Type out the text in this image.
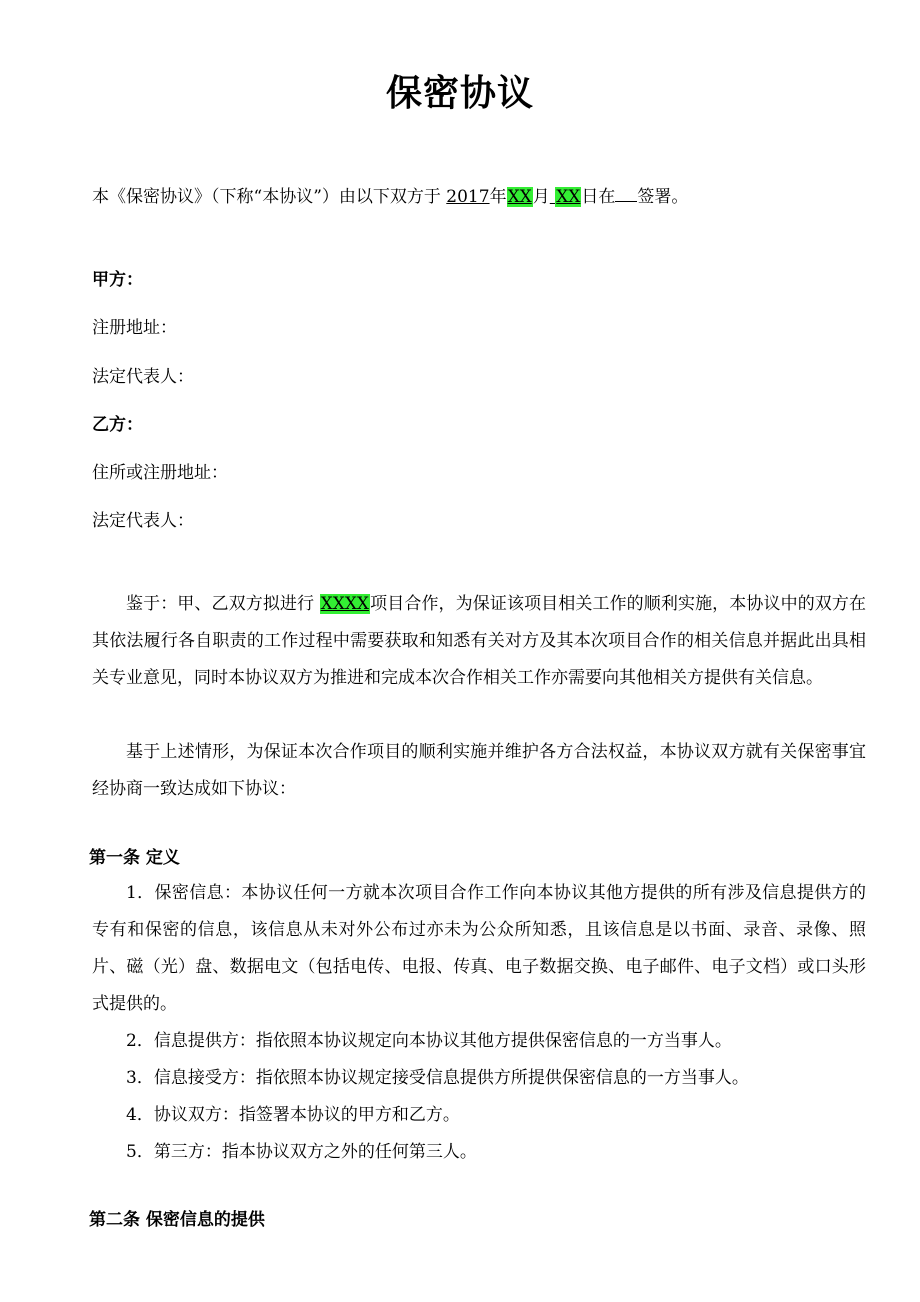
保密协议
本《保密协议》（下称“本协议”）由以下双方于 2017年XX月 XX日在 签署。
甲方：
注册地址：
法定代表人：
乙方：
住所或注册地址：
法定代表人：
鉴于：甲、乙双方拟进行 XXXX项目合作，为保证该项目相关工作的顺利实施，本协议中的双方在其依法履行各自职责的工作过程中需要获取和知悉有关对方及其本次项目合作的相关信息并据此出具相关专业意见，同时本协议双方为推进和完成本次合作相关工作亦需要向其他相关方提供有关信息。
基于上述情形，为保证本次合作项目的顺利实施并维护各方合法权益，本协议双方就有关保密事宜经协商一致达成如下协议：
第一条 定义
1．保密信息：本协议任何一方就本次项目合作工作向本协议其他方提供的所有涉及信息提供方的专有和保密的信息，该信息从未对外公布过亦未为公众所知悉，且该信息是以书面、录音、录像、照片、磁（光）盘、数据电文（包括电传、电报、传真、电子数据交换、电子邮件、电子文档）或口头形式提供的。
2．信息提供方：指依照本协议规定向本协议其他方提供保密信息的一方当事人。
3．信息接受方：指依照本协议规定接受信息提供方所提供保密信息的一方当事人。
4．协议双方：指签署本协议的甲方和乙方。
5．第三方：指本协议双方之外的任何第三人。
第二条 保密信息的提供
